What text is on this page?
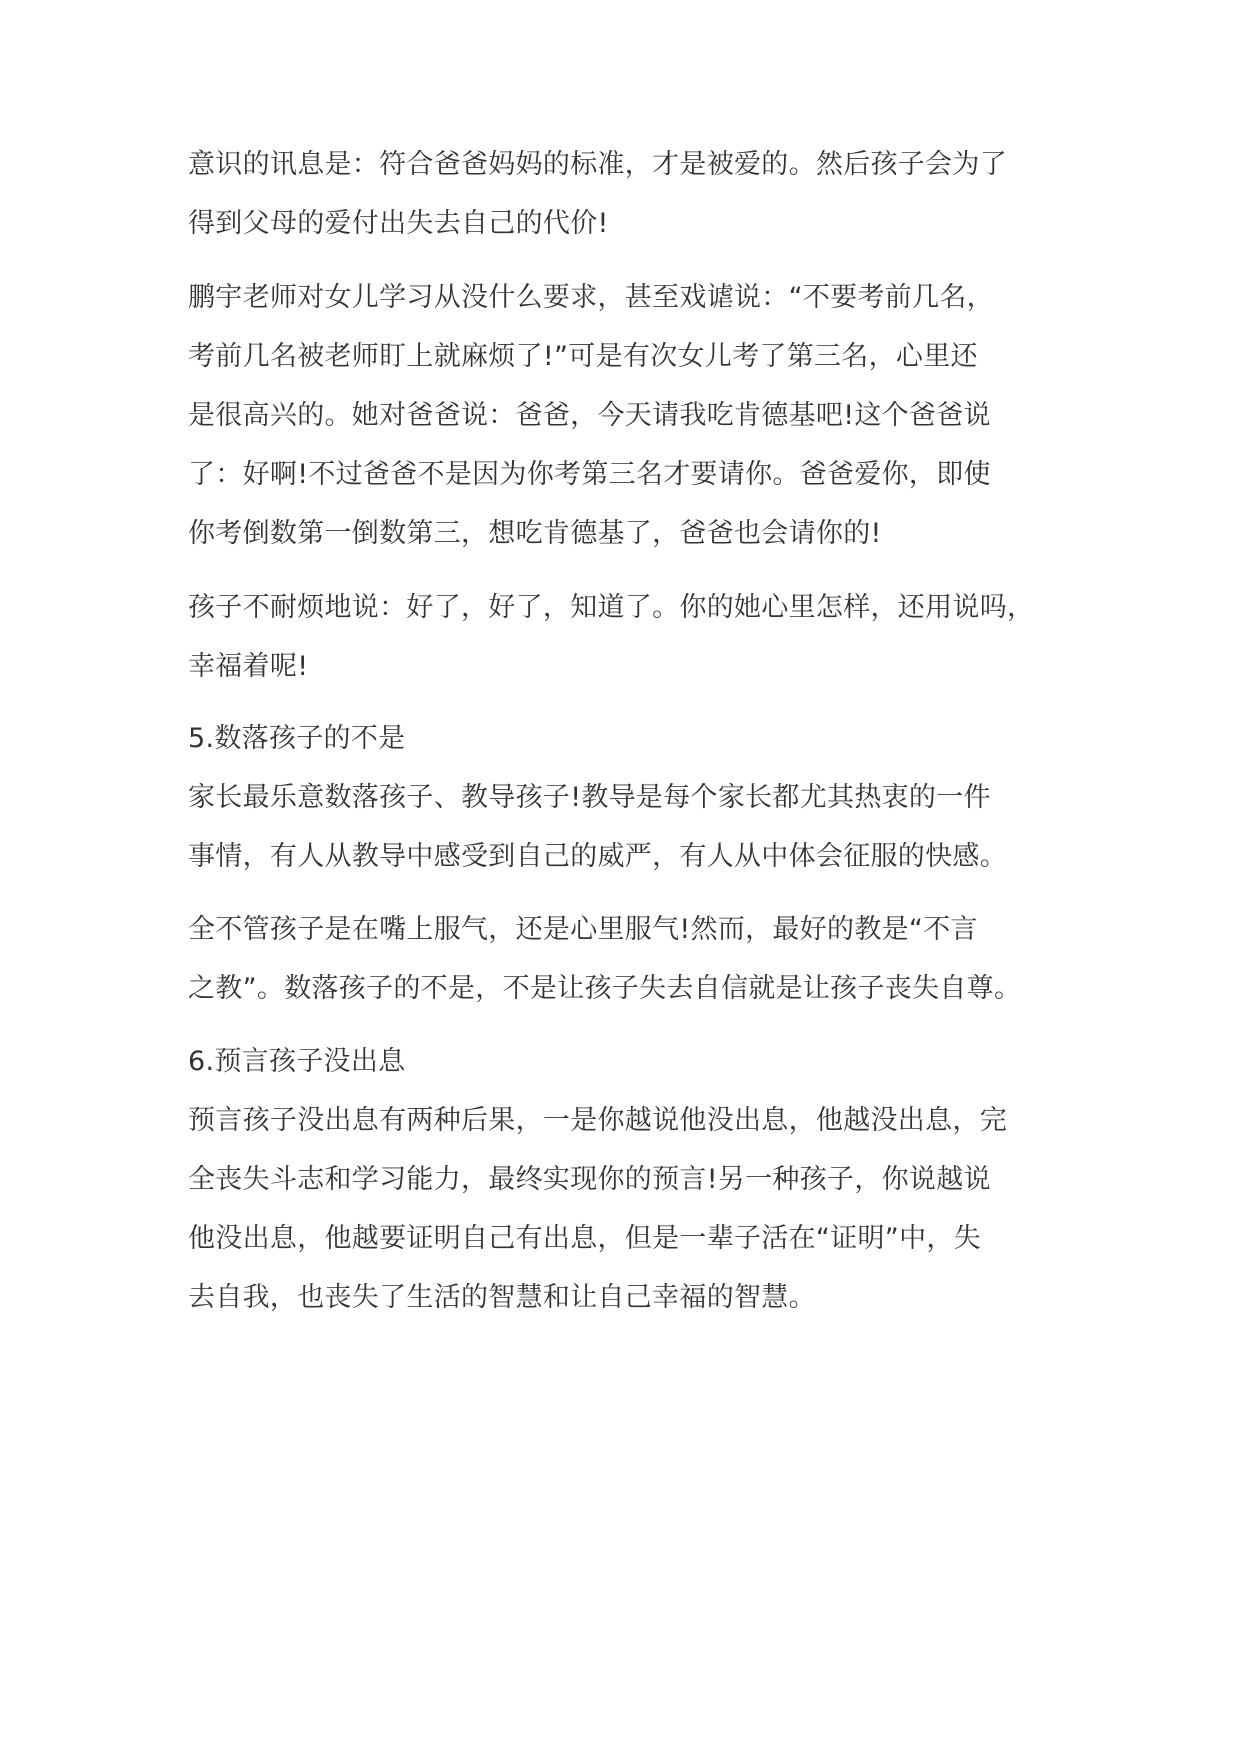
意识的讯息是：符合爸爸妈妈的标准，才是被爱的。然后孩子会为了
得到父母的爱付出失去自己的代价!
鹏宇老师对女儿学习从没什么要求，甚至戏谑说：“不要考前几名，
考前几名被老师盯上就麻烦了!”可是有次女儿考了第三名，心里还
是很高兴的。她对爸爸说：爸爸，今天请我吃肯德基吧!这个爸爸说
了：好啊!不过爸爸不是因为你考第三名才要请你。爸爸爱你，即使
你考倒数第一倒数第三，想吃肯德基了，爸爸也会请你的!
孩子不耐烦地说：好了，好了，知道了。你的她心里怎样，还用说吗，
幸福着呢!
5.数落孩子的不是
家长最乐意数落孩子、教导孩子!教导是每个家长都尤其热衷的一件
事情，有人从教导中感受到自己的威严，有人从中体会征服的快感。
全不管孩子是在嘴上服气，还是心里服气!然而，最好的教是“不言
之教”。数落孩子的不是，不是让孩子失去自信就是让孩子丧失自尊。
6.预言孩子没出息
预言孩子没出息有两种后果，一是你越说他没出息，他越没出息，完
全丧失斗志和学习能力，最终实现你的预言!另一种孩子，你说越说
他没出息，他越要证明自己有出息，但是一辈子活在“证明”中，失
去自我，也丧失了生活的智慧和让自己幸福的智慧。
